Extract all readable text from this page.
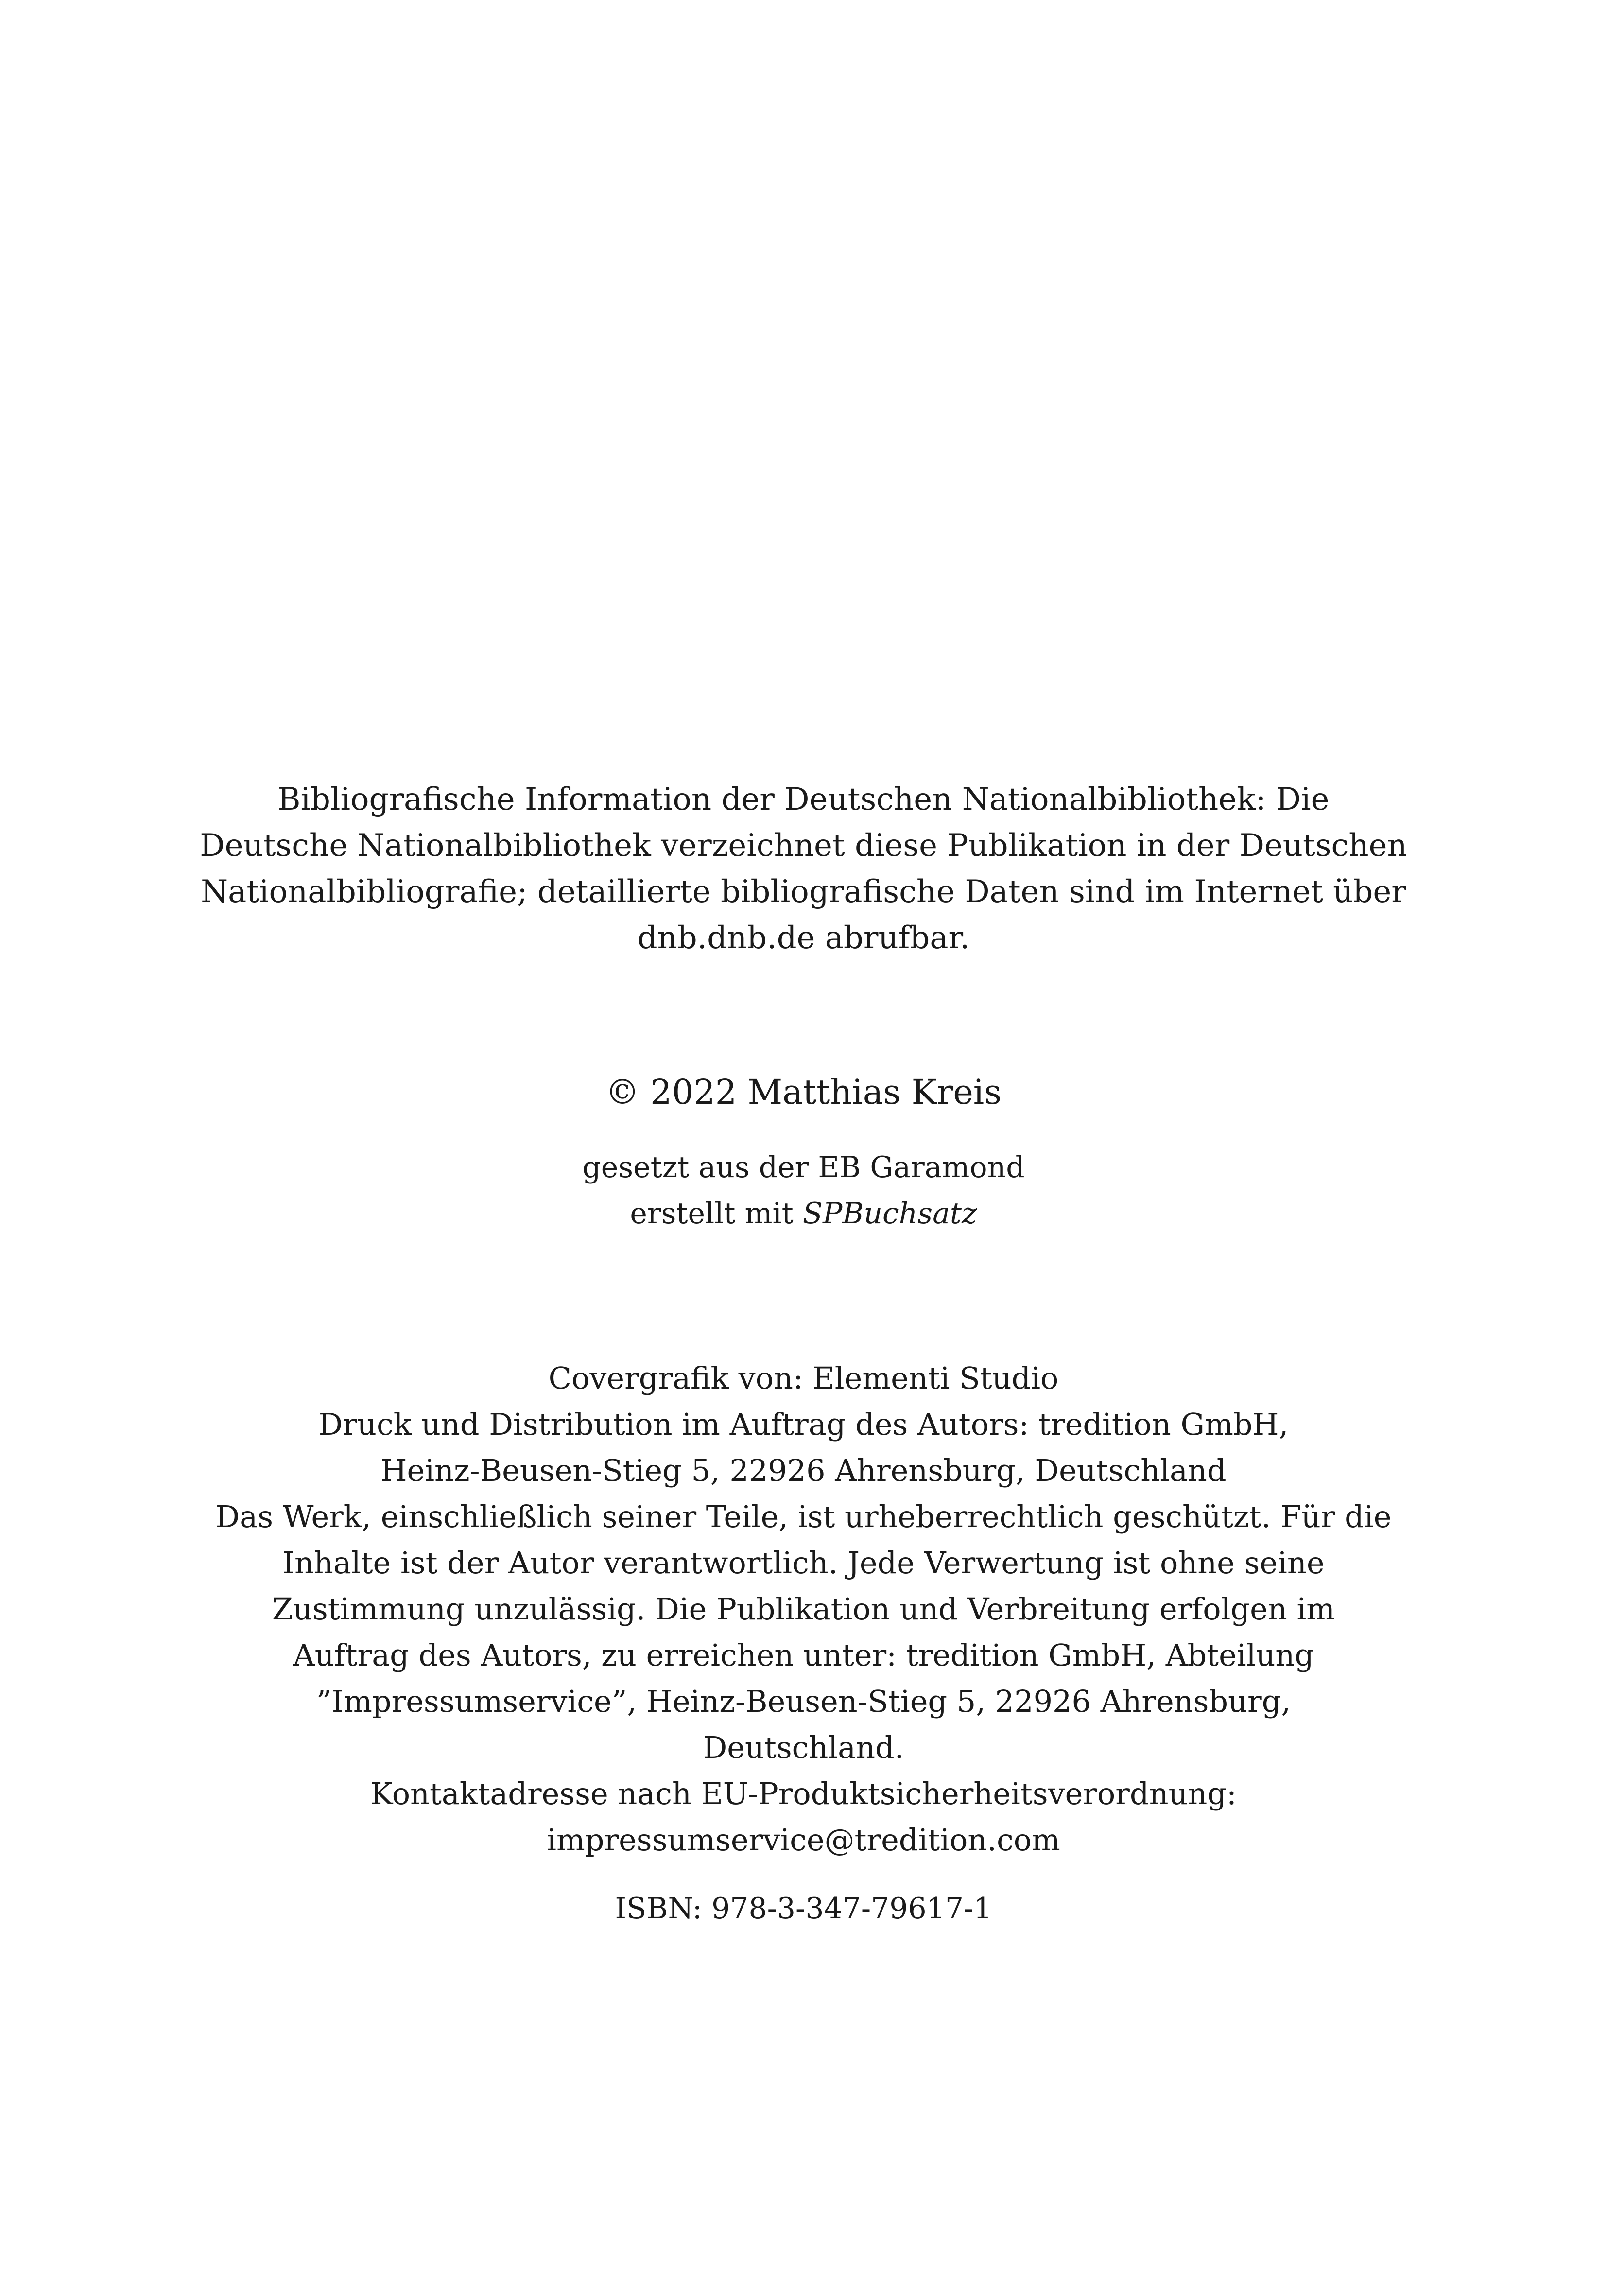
Bibliografische Information der Deutschen Nationalbibliothek: Die
Deutsche Nationalbibliothek verzeichnet diese Publikation in der Deutschen
Nationalbibliografie; detaillierte bibliografische Daten sind im Internet über
dnb.dnb.de abrufbar.
© 2022 Matthias Kreis
gesetzt aus der EB Garamond
erstellt mit SPBuchsatz
Covergrafik von: Elementi Studio
Druck und Distribution im Auftrag des Autors: tredition GmbH,
Heinz-Beusen-Stieg 5, 22926 Ahrensburg, Deutschland
Das Werk, einschließlich seiner Teile, ist urheberrechtlich geschützt. Für die
Inhalte ist der Autor verantwortlich. Jede Verwertung ist ohne seine
Zustimmung unzulässig. Die Publikation und Verbreitung erfolgen im
Auftrag des Autors, zu erreichen unter: tredition GmbH, Abteilung
”Impressumservice”, Heinz-Beusen-Stieg 5, 22926 Ahrensburg,
Deutschland.
Kontaktadresse nach EU-Produktsicherheitsverordnung:
impressumservice@tredition.com
ISBN: 978-3-347-79617-1
